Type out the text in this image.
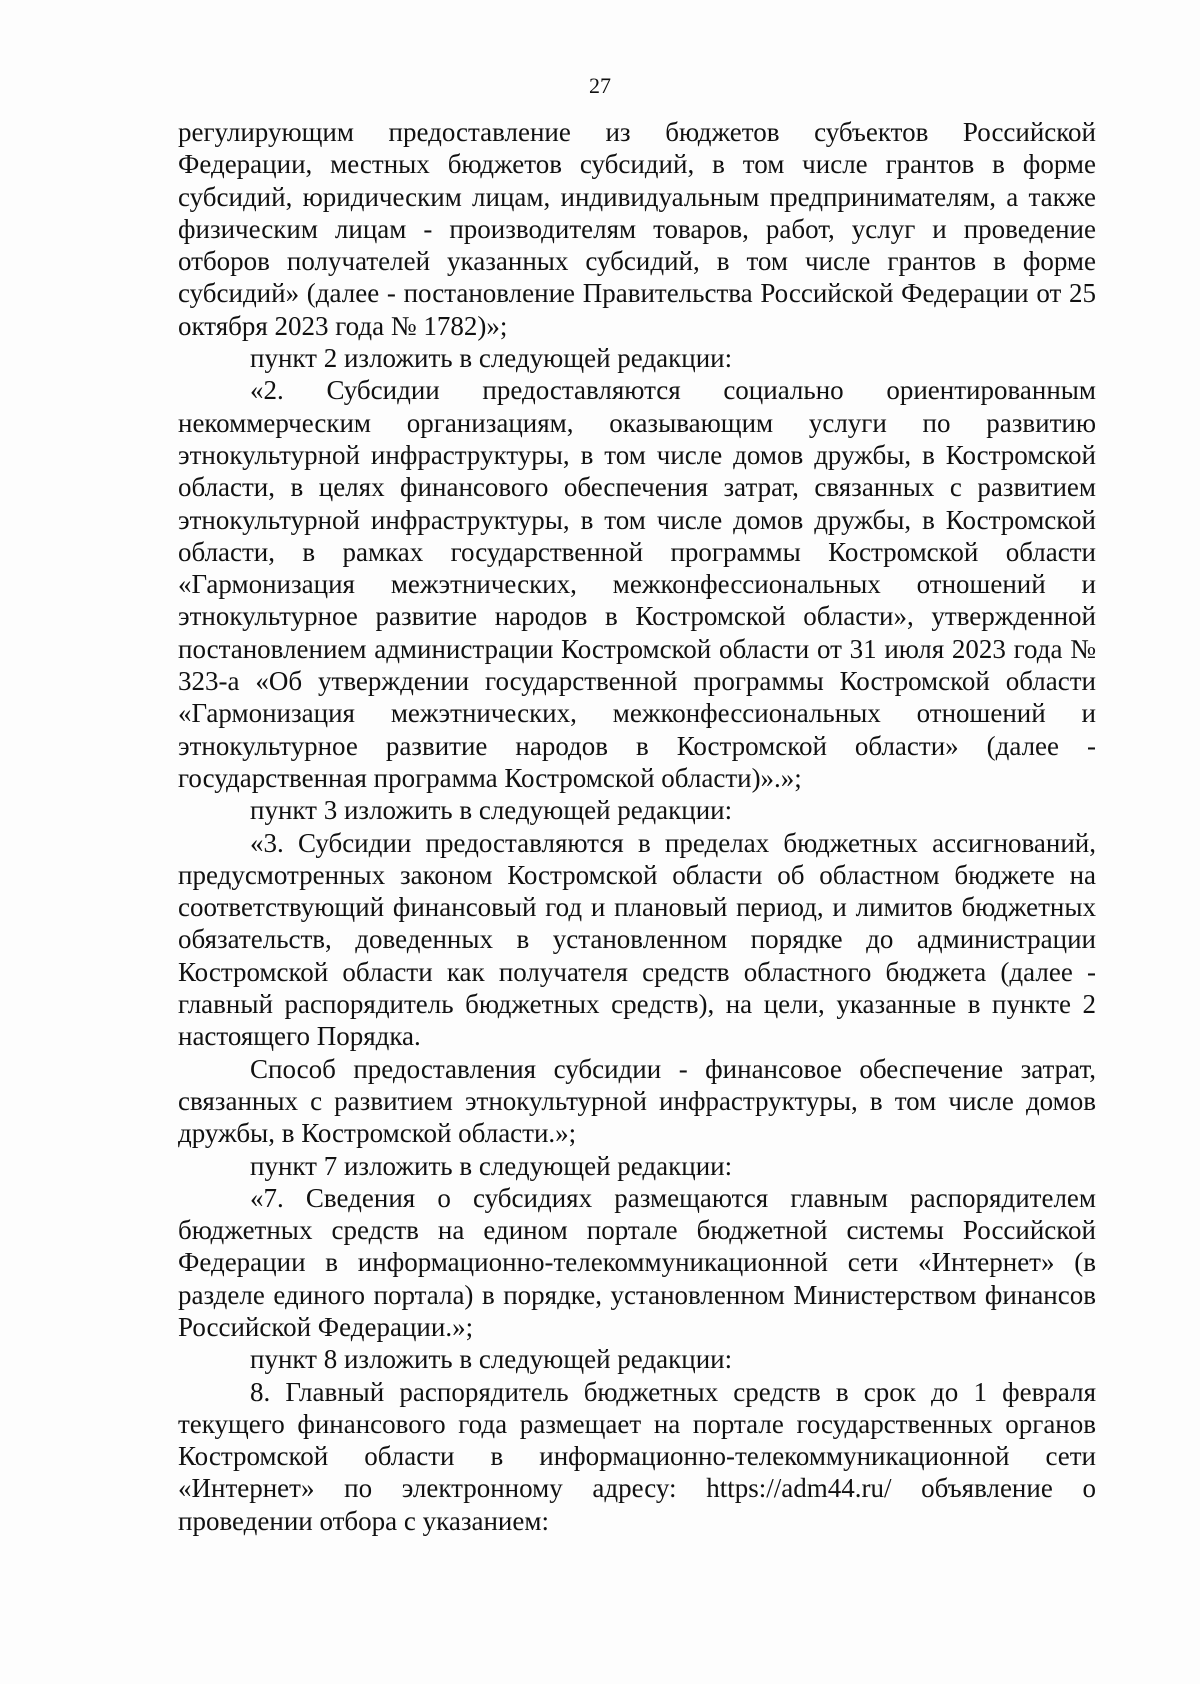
27

регулирующим предоставление из бюджетов субъектов Российской Федерации, местных бюджетов субсидий, в том числе грантов в форме субсидий, юридическим лицам, индивидуальным предпринимателям, а также физическим лицам - производителям товаров, работ, услуг и проведение отборов получателей указанных субсидий, в том числе грантов в форме субсидий» (далее - постановление Правительства Российской Федерации от 25 октября 2023 года № 1782)»;

пункт 2 изложить в следующей редакции:

«2. Субсидии предоставляются социально ориентированным некоммерческим организациям, оказывающим услуги по развитию этнокультурной инфраструктуры, в том числе домов дружбы, в Костромской области, в целях финансового обеспечения затрат, связанных с развитием этнокультурной инфраструктуры, в том числе домов дружбы, в Костромской области, в рамках государственной программы Костромской области «Гармонизация межэтнических, межконфессиональных отношений и этнокультурное развитие народов в Костромской области», утвержденной постановлением администрации Костромской области от 31 июля 2023 года № 323-а «Об утверждении государственной программы Костромской области «Гармонизация межэтнических, межконфессиональных отношений и этнокультурное развитие народов в Костромской области» (далее - государственная программа Костромской области)».»;

пункт 3 изложить в следующей редакции:

«3. Субсидии предоставляются в пределах бюджетных ассигнований, предусмотренных законом Костромской области об областном бюджете на соответствующий финансовый год и плановый период, и лимитов бюджетных обязательств, доведенных в установленном порядке до администрации Костромской области как получателя средств областного бюджета (далее - главный распорядитель бюджетных средств), на цели, указанные в пункте 2 настоящего Порядка.

Способ предоставления субсидии - финансовое обеспечение затрат, связанных с развитием этнокультурной инфраструктуры, в том числе домов дружбы, в Костромской области.»;

пункт 7 изложить в следующей редакции:

«7. Сведения о субсидиях размещаются главным распорядителем бюджетных средств на едином портале бюджетной системы Российской Федерации в информационно-телекоммуникационной сети «Интернет» (в разделе единого портала) в порядке, установленном Министерством финансов Российской Федерации.»;

пункт 8 изложить в следующей редакции:

8. Главный распорядитель бюджетных средств в срок до 1 февраля текущего финансового года размещает на портале государственных органов Костромской области в информационно-телекоммуникационной сети «Интернет» по электронному адресу: https://adm44.ru/ объявление о проведении отбора с указанием:
